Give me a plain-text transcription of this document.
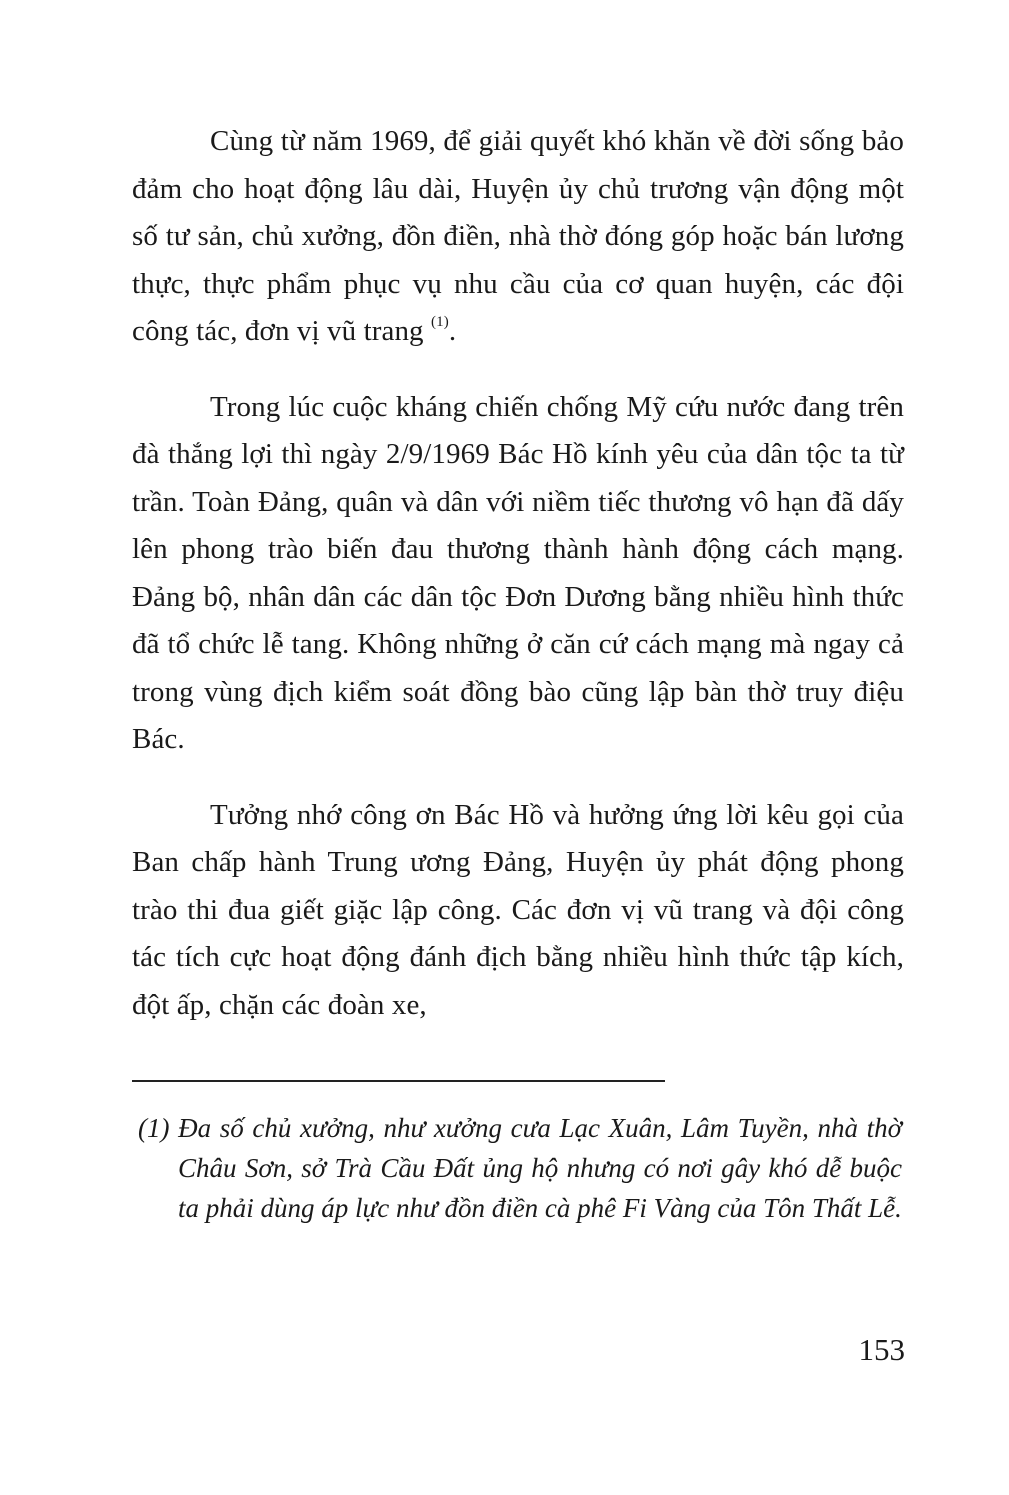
Cùng từ năm 1969, để giải quyết khó khăn về đời sống bảo đảm cho hoạt động lâu dài, Huyện ủy chủ trương vận động một số tư sản, chủ xưởng, đồn điền, nhà thờ đóng góp hoặc bán lương thực, thực phẩm phục vụ nhu cầu của cơ quan huyện, các đội công tác, đơn vị vũ trang $^{(1)}$.

Trong lúc cuộc kháng chiến chống Mỹ cứu nước đang trên đà thắng lợi thì ngày 2/9/1969 Bác Hồ kính yêu của dân tộc ta từ trần. Toàn Đảng, quân và dân với niềm tiếc thương vô hạn đã dấy lên phong trào biến đau thương thành hành động cách mạng. Đảng bộ, nhân dân các dân tộc Đơn Dương bằng nhiều hình thức đã tổ chức lễ tang. Không những ở căn cứ cách mạng mà ngay cả trong vùng địch kiểm soát đồng bào cũng lập bàn thờ truy điệu Bác.

Tưởng nhớ công ơn Bác Hồ và hưởng ứng lời kêu gọi của Ban chấp hành Trung ương Đảng, Huyện ủy phát động phong trào thi đua giết giặc lập công. Các đơn vị vũ trang và đội công tác tích cực hoạt động đánh địch bằng nhiều hình thức tập kích, đột ấp, chặn các đoàn xe,

(1) Đa số chủ xưởng, như xưởng cưa Lạc Xuân, Lâm Tuyền, nhà thờ Châu Sơn, sở Trà Cầu Đất ủng hộ nhưng có nơi gây khó dễ buộc ta phải dùng áp lực như đồn điền cà phê Fi Vàng của Tôn Thất Lễ.

153
